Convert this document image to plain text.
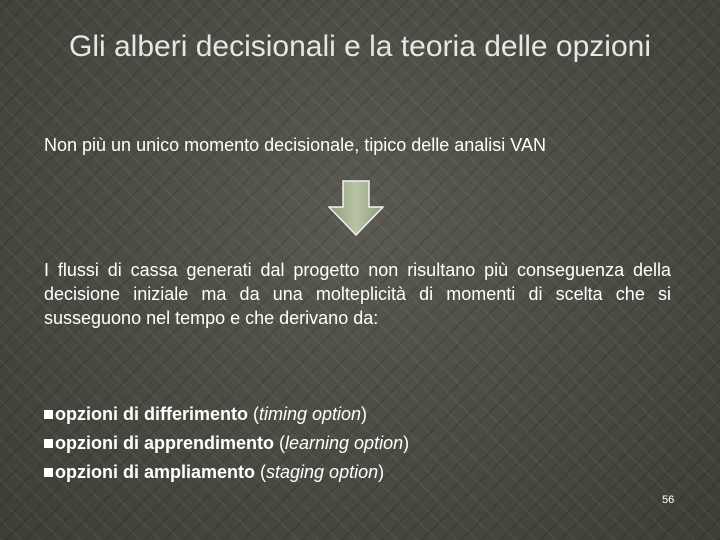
Gli alberi decisionali e la teoria delle opzioni
Non più un unico momento decisionale, tipico delle analisi VAN
I flussi di cassa generati dal progetto non risultano più conseguenza della decisione iniziale ma da una molteplicità di momenti di scelta che si susseguono nel tempo e che derivano da:
opzioni di differimento (timing option)
opzioni di apprendimento (learning option)
opzioni di ampliamento (staging option)
56
